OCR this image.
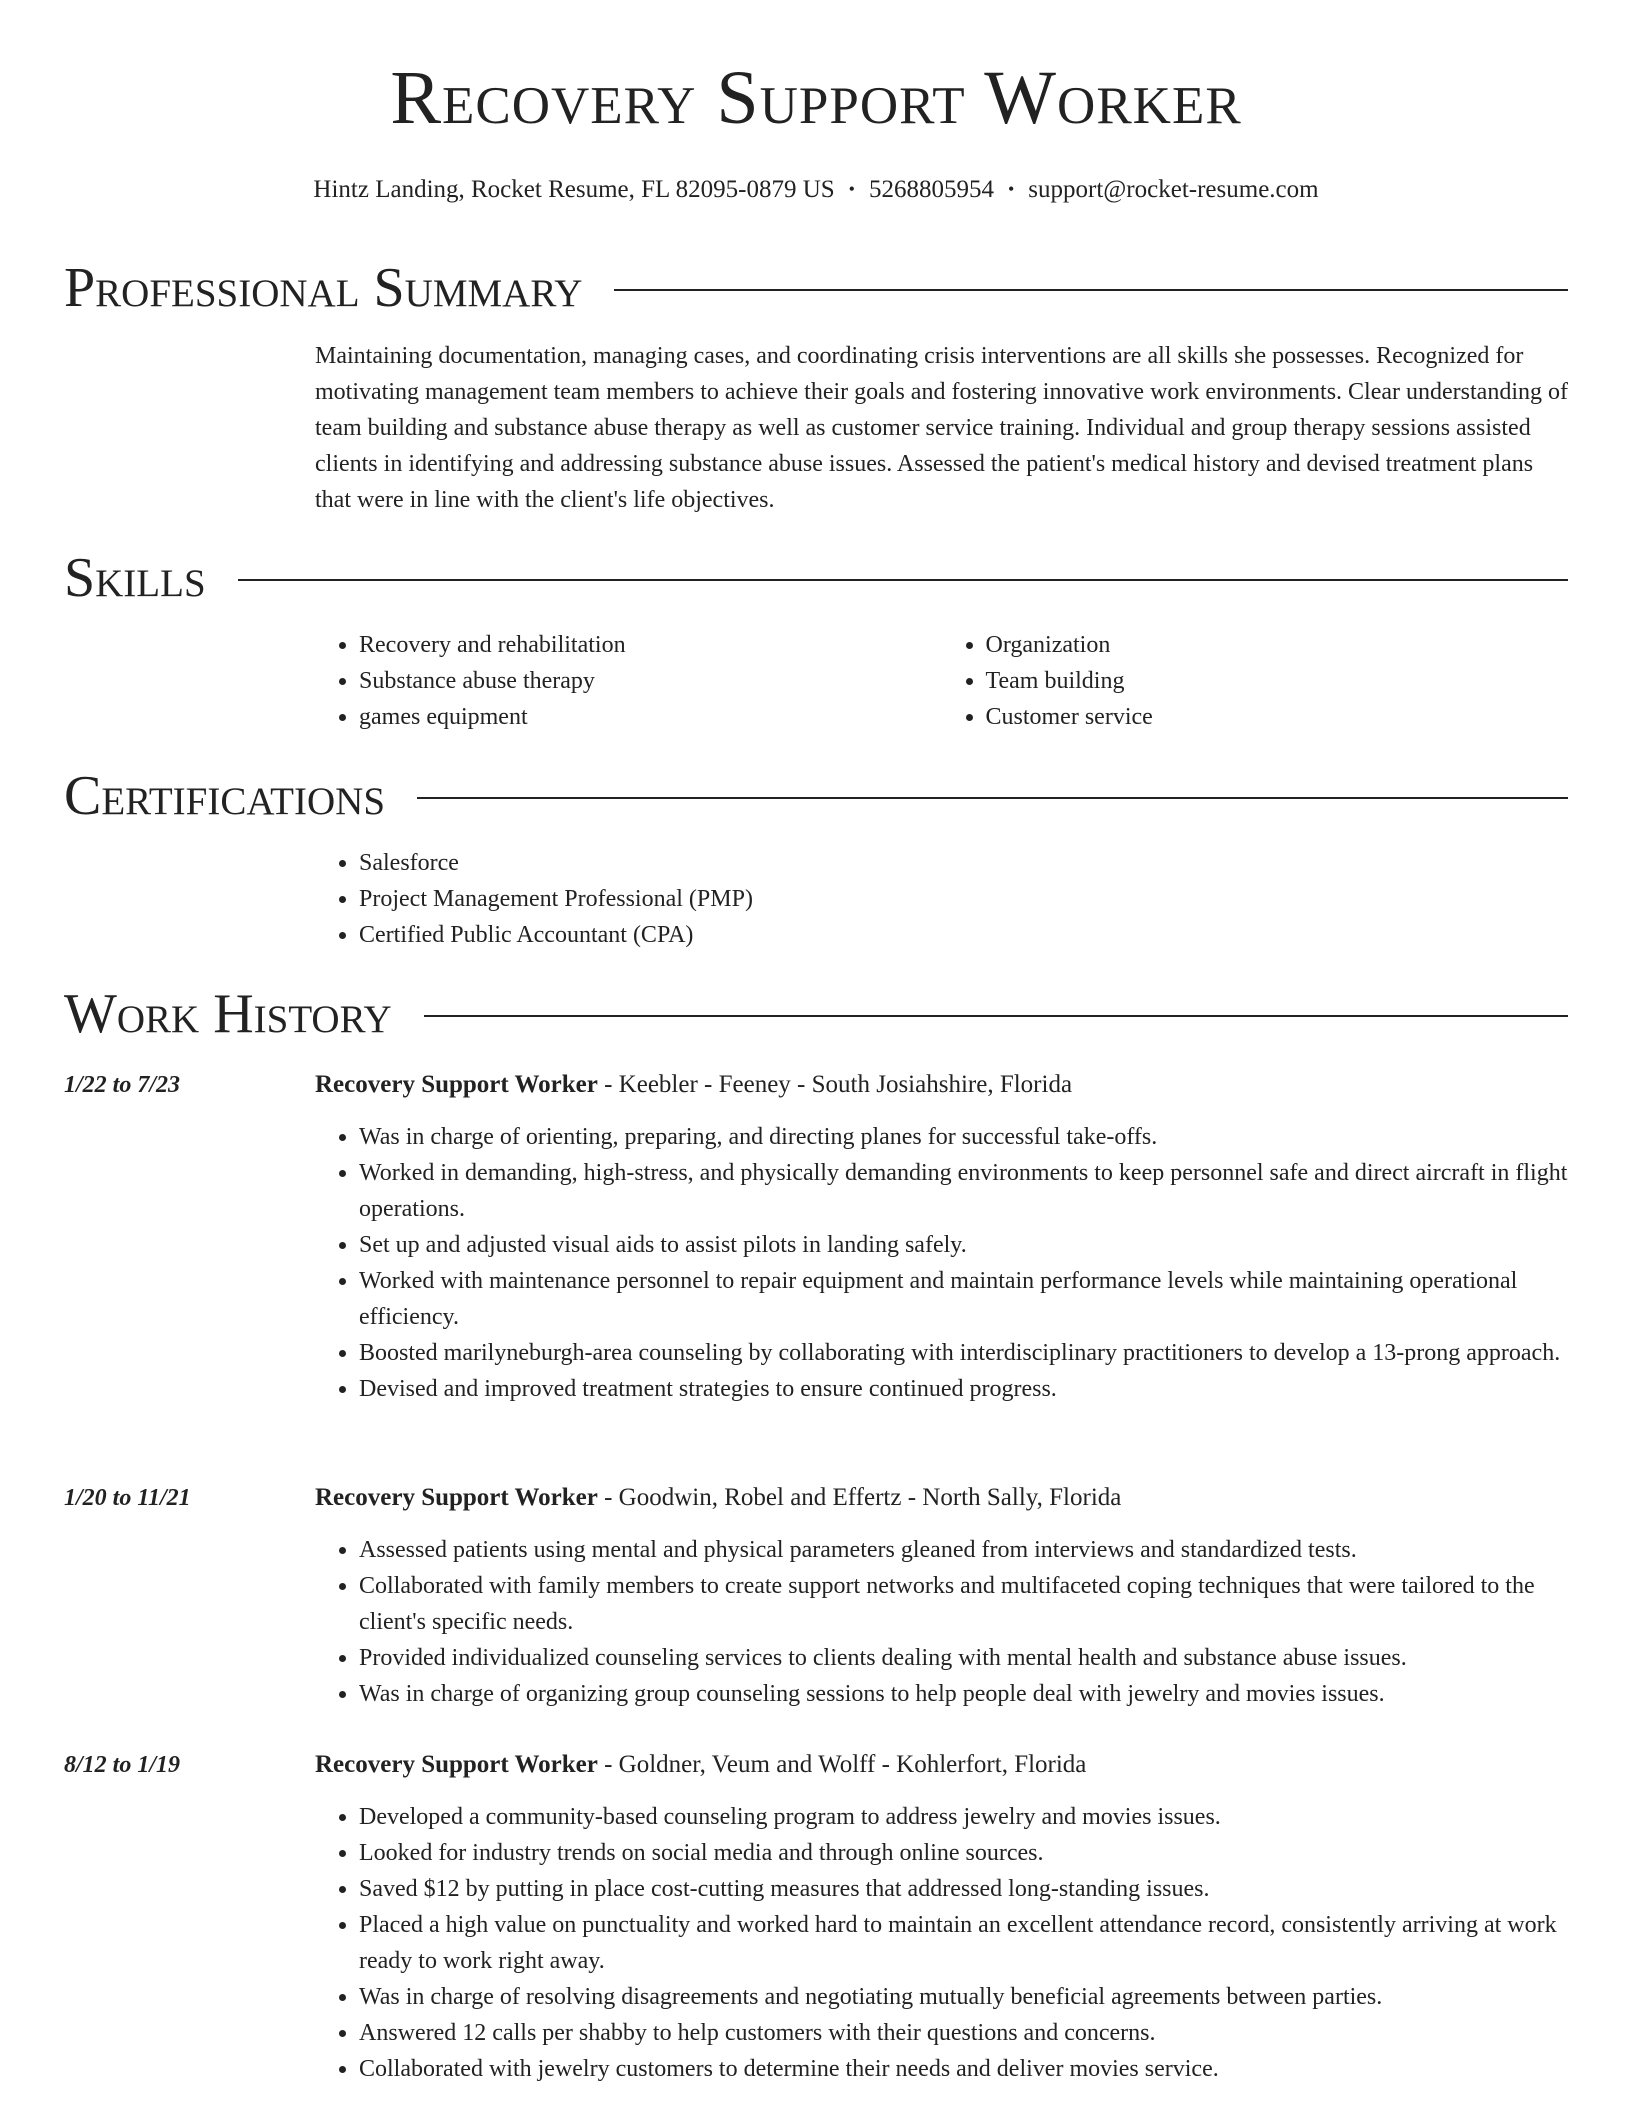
Recovery Support Worker
Hintz Landing, Rocket Resume, FL 82095-0879 US • 5268805954 • support@rocket-resume.com
Professional Summary

Maintaining documentation, managing cases, and coordinating crisis interventions are all skills she possesses. Recognized for motivating management team members to achieve their goals and fostering innovative work environments. Clear understanding of team building and substance abuse therapy as well as customer service training. Individual and group therapy sessions assisted clients in identifying and addressing substance abuse issues. Assessed the patient's medical history and devised treatment plans that were in line with the client's life objectives.

Skills
• Recovery and rehabilitation
• Substance abuse therapy
• games equipment
• Organization
• Team building
• Customer service
Certifications
• Salesforce
• Project Management Professional (PMP)
• Certified Public Accountant (CPA)
Work History
1/22 to 7/23	Recovery Support Worker - Keebler - Feeney - South Josiahshire, Florida
• Was in charge of orienting, preparing, and directing planes for successful take-offs.
• Worked in demanding, high-stress, and physically demanding environments to keep personnel safe and direct aircraft in flight operations.
• Set up and adjusted visual aids to assist pilots in landing safely.
• Worked with maintenance personnel to repair equipment and maintain performance levels while maintaining operational efficiency.
• Boosted marilyneburgh-area counseling by collaborating with interdisciplinary practitioners to develop a 13-prong approach.
• Devised and improved treatment strategies to ensure continued progress.
1/20 to 11/21	Recovery Support Worker - Goodwin, Robel and Effertz - North Sally, Florida
• Assessed patients using mental and physical parameters gleaned from interviews and standardized tests.
• Collaborated with family members to create support networks and multifaceted coping techniques that were tailored to the client's specific needs.
• Provided individualized counseling services to clients dealing with mental health and substance abuse issues.
• Was in charge of organizing group counseling sessions to help people deal with jewelry and movies issues.
8/12 to 1/19	Recovery Support Worker - Goldner, Veum and Wolff - Kohlerfort, Florida
• Developed a community-based counseling program to address jewelry and movies issues.
• Looked for industry trends on social media and through online sources.
• Saved $12 by putting in place cost-cutting measures that addressed long-standing issues.
• Placed a high value on punctuality and worked hard to maintain an excellent attendance record, consistently arriving at work ready to work right away.
• Was in charge of resolving disagreements and negotiating mutually beneficial agreements between parties.
• Answered 12 calls per shabby to help customers with their questions and concerns.
• Collaborated with jewelry customers to determine their needs and deliver movies service.
